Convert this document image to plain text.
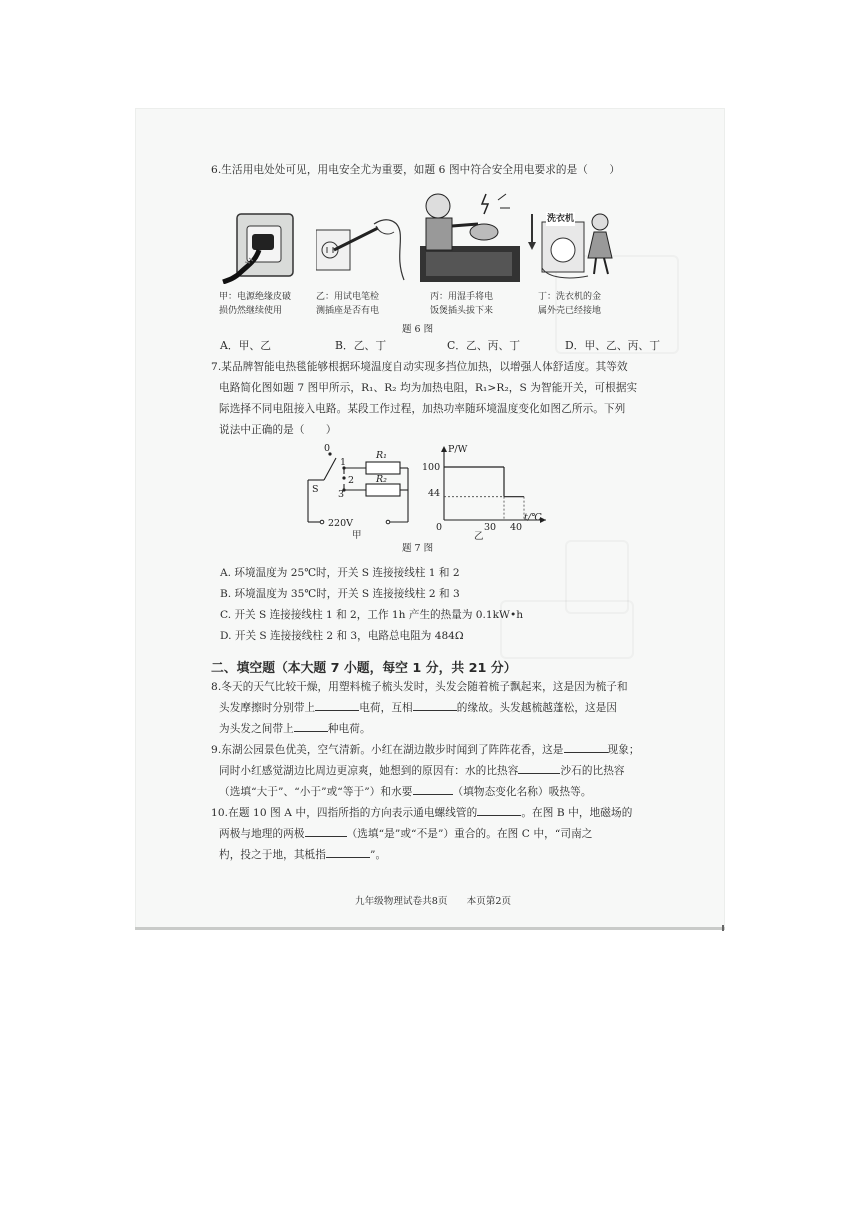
6.生活用电处处可见，用电安全尤为重要，如题 6 图中符合安全用电要求的是（　　）
洗衣机
甲：电源绝缘皮破
损仍然继续使用
乙：用试电笔检
测插座是否有电
丙：用湿手将电
饭煲插头拔下来
丁：洗衣机的金
属外壳已经接地
题 6 图
A．甲、乙	B．乙、丁	C．乙、丙、丁	D．甲、乙、丙、丁
7.某品牌智能电热毯能够根据环境温度自动实现多挡位加热，以增强人体舒适度。其等效
电路简化图如题 7 图甲所示，R₁、R₂ 均为加热电阻，R₁>R₂，S 为智能开关，可根据实
际选择不同电阻接入电路。某段工作过程，加热功率随环境温度变化如图乙所示。下列
说法中正确的是（　　）
0
1
2
3
S
R₁
R₂
220V
甲
P/W
100
44
0	30 40
t/℃
乙
题 7 图
A. 环境温度为 25℃时，开关 S 连接接线柱 1 和 2
B. 环境温度为 35℃时，开关 S 连接接线柱 2 和 3
C. 开关 S 连接接线柱 1 和 2，工作 1h 产生的热量为 0.1kW•h
D. 开关 S 连接接线柱 2 和 3，电路总电阻为 484Ω
二、填空题（本大题 7 小题，每空 1 分，共 21 分）
8.冬天的天气比较干燥，用塑料梳子梳头发时，头发会随着梳子飘起来，这是因为梳子和
头发摩擦时分别带上	电荷，互相	的缘故。头发越梳越蓬松，这是因
为头发之间带上	种电荷。
9.东湖公园景色优美，空气清新。小红在湖边散步时闻到了阵阵花香，这是	现象；
同时小红感觉湖边比周边更凉爽，她想到的原因有：水的比热容	沙石的比热容
（选填“大于”、“小于”或“等于”）和水要	（填物态变化名称）吸热等。
10.在题 10 图 A 中，四指所指的方向表示通电螺线管的	。在图 B 中，地磁场的
两极与地理的两极	（选填“是”或“不是”）重合的。在图 C 中，“司南之
杓，投之于地，其柢指	”。
九年级物理试卷共8页　　本页第2页
